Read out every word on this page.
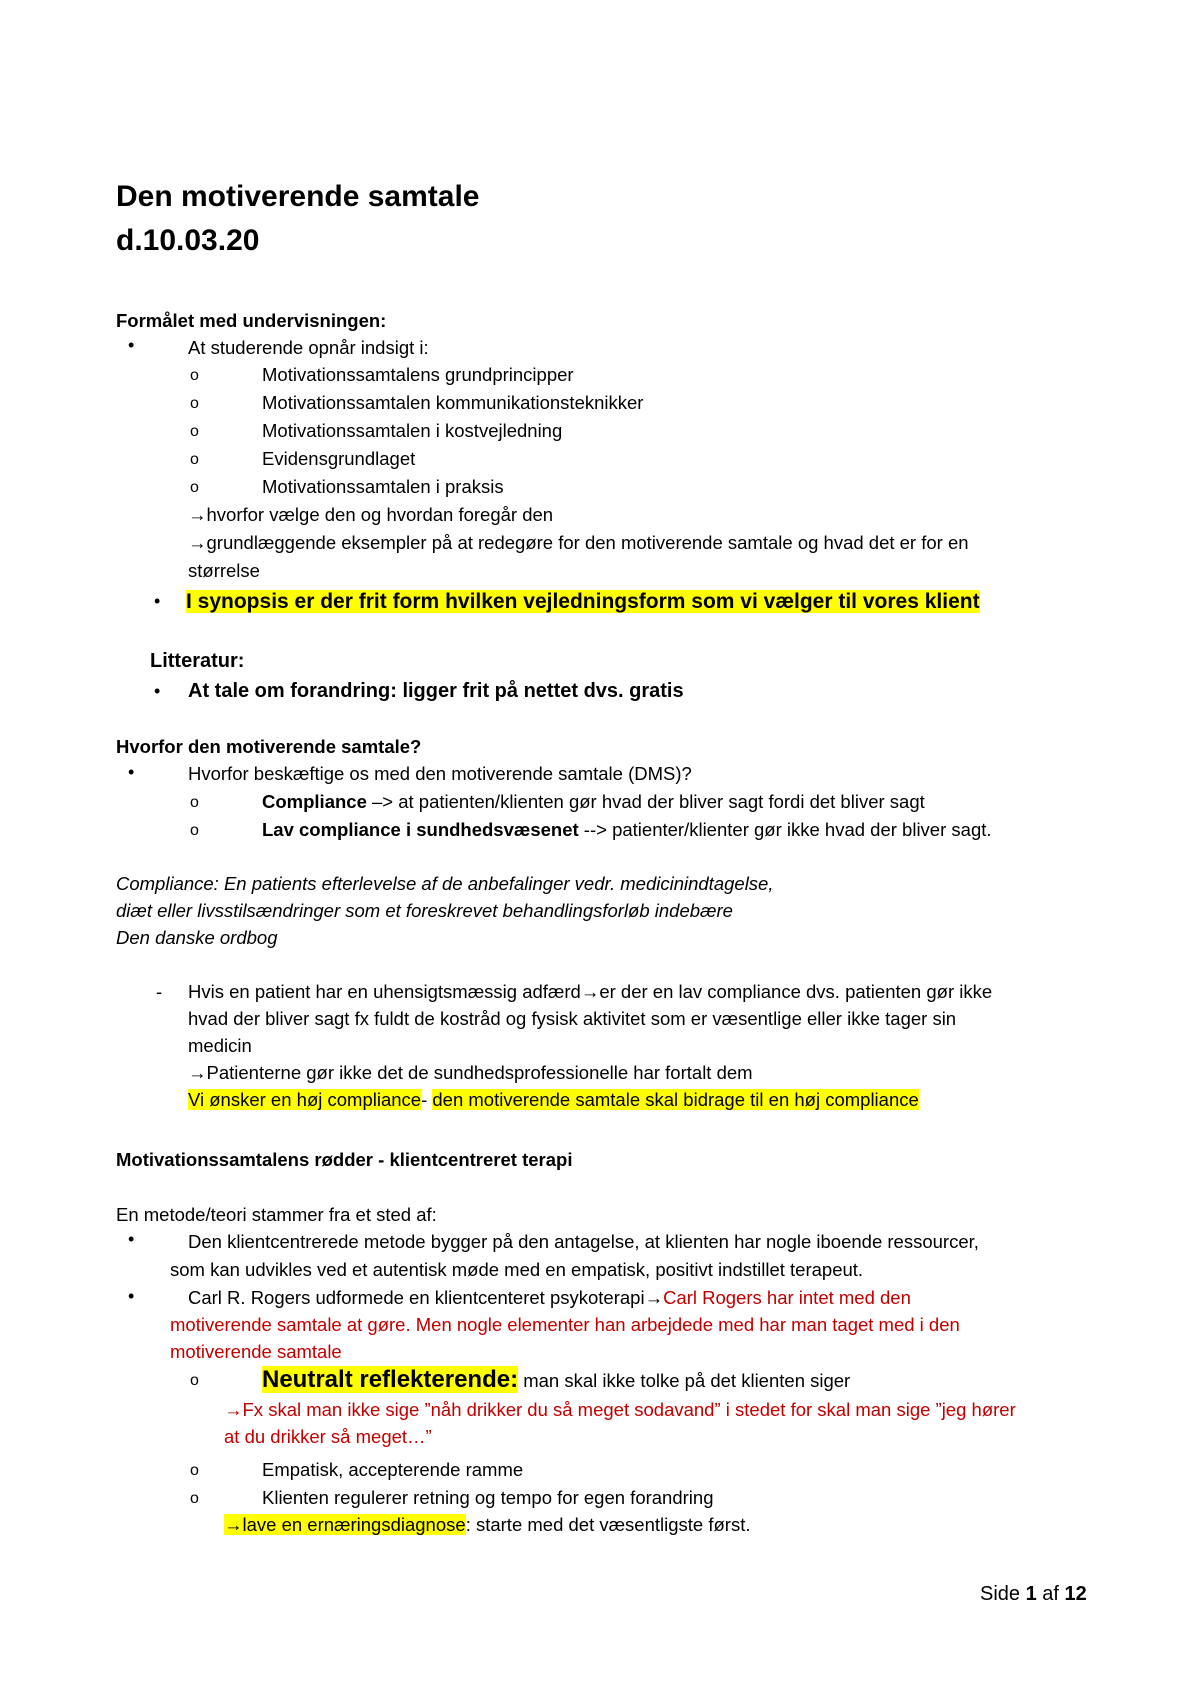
Den motiverende samtale
d.10.03.20
Formålet med undervisningen:
•	At studerende opnår indsigt i:
o	Motivationssamtalens grundprincipper
o	Motivationssamtalen kommunikationsteknikker
o	Motivationssamtalen i kostvejledning
o	Evidensgrundlaget
o	Motivationssamtalen i praksis
→hvorfor vælge den og hvordan foregår den
→grundlæggende eksempler på at redegøre for den motiverende samtale og hvad det er for en
størrelse
• I synopsis er der frit form hvilken vejledningsform som vi vælger til vores klient
Litteratur:
• At tale om forandring: ligger frit på nettet dvs. gratis
Hvorfor den motiverende samtale?
•	Hvorfor beskæftige os med den motiverende samtale (DMS)?
o	Compliance –> at patienten/klienten gør hvad der bliver sagt fordi det bliver sagt
o	Lav compliance i sundhedsvæsenet --> patienter/klienter gør ikke hvad der bliver sagt.
Compliance: En patients efterlevelse af de anbefalinger vedr. medicinindtagelse,
diæt eller livsstilsændringer som et foreskrevet behandlingsforløb indebære
Den danske ordbog
- Hvis en patient har en uhensigtsmæssig adfærd→er der en lav compliance dvs. patienten gør ikke
hvad der bliver sagt fx fuldt de kostråd og fysisk aktivitet som er væsentlige eller ikke tager sin
medicin
→Patienterne gør ikke det de sundhedsprofessionelle har fortalt dem
Vi ønsker en høj compliance- den motiverende samtale skal bidrage til en høj compliance
Motivationssamtalens rødder - klientcentreret terapi
En metode/teori stammer fra et sted af:
•	Den klientcentrerede metode bygger på den antagelse, at klienten har nogle iboende ressourcer,
som kan udvikles ved et autentisk møde med en empatisk, positivt indstillet terapeut.
•	Carl R. Rogers udformede en klientcenteret psykoterapi→Carl Rogers har intet med den
motiverende samtale at gøre. Men nogle elementer han arbejdede med har man taget med i den
motiverende samtale
o	Neutralt reflekterende: man skal ikke tolke på det klienten siger
→Fx skal man ikke sige ”nåh drikker du så meget sodavand” i stedet for skal man sige ”jeg hører
at du drikker så meget…”
o	Empatisk, accepterende ramme
o	Klienten regulerer retning og tempo for egen forandring
→lave en ernæringsdiagnose: starte med det væsentligste først.
Side 1 af 12
